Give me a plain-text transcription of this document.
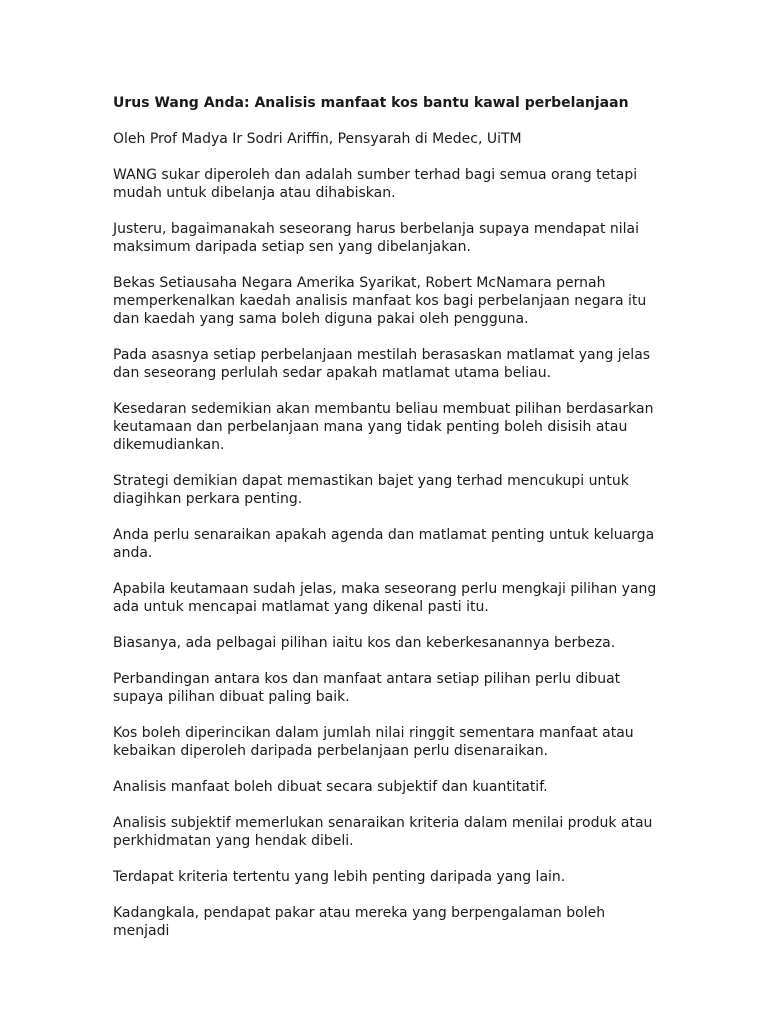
Urus Wang Anda: Analisis manfaat kos bantu kawal perbelanjaan
Oleh Prof Madya Ir Sodri Ariffin, Pensyarah di Medec, UiTM
WANG sukar diperoleh dan adalah sumber terhad bagi semua orang tetapi mudah untuk dibelanja atau dihabiskan.
Justeru, bagaimanakah seseorang harus berbelanja supaya mendapat nilai maksimum daripada setiap sen yang dibelanjakan.
Bekas Setiausaha Negara Amerika Syarikat, Robert McNamara pernah memperkenalkan kaedah analisis manfaat kos bagi perbelanjaan negara itu dan kaedah yang sama boleh diguna pakai oleh pengguna.
Pada asasnya setiap perbelanjaan mestilah berasaskan matlamat yang jelas dan seseorang perlulah sedar apakah matlamat utama beliau.
Kesedaran sedemikian akan membantu beliau membuat pilihan berdasarkan keutamaan dan perbelanjaan mana yang tidak penting boleh disisih atau dikemudiankan.
Strategi demikian dapat memastikan bajet yang terhad mencukupi untuk diagihkan perkara penting.
Anda perlu senaraikan apakah agenda dan matlamat penting untuk keluarga anda.
Apabila keutamaan sudah jelas, maka seseorang perlu mengkaji pilihan yang ada untuk mencapai matlamat yang dikenal pasti itu.
Biasanya, ada pelbagai pilihan iaitu kos dan keberkesanannya berbeza.
Perbandingan antara kos dan manfaat antara setiap pilihan perlu dibuat supaya pilihan dibuat paling baik.
Kos boleh diperincikan dalam jumlah nilai ringgit sementara manfaat atau kebaikan diperoleh daripada perbelanjaan perlu disenaraikan.
Analisis manfaat boleh dibuat secara subjektif dan kuantitatif.
Analisis subjektif memerlukan senaraikan kriteria dalam menilai produk atau perkhidmatan yang hendak dibeli.
Terdapat kriteria tertentu yang lebih penting daripada yang lain.
Kadangkala, pendapat pakar atau mereka yang berpengalaman boleh menjadi
